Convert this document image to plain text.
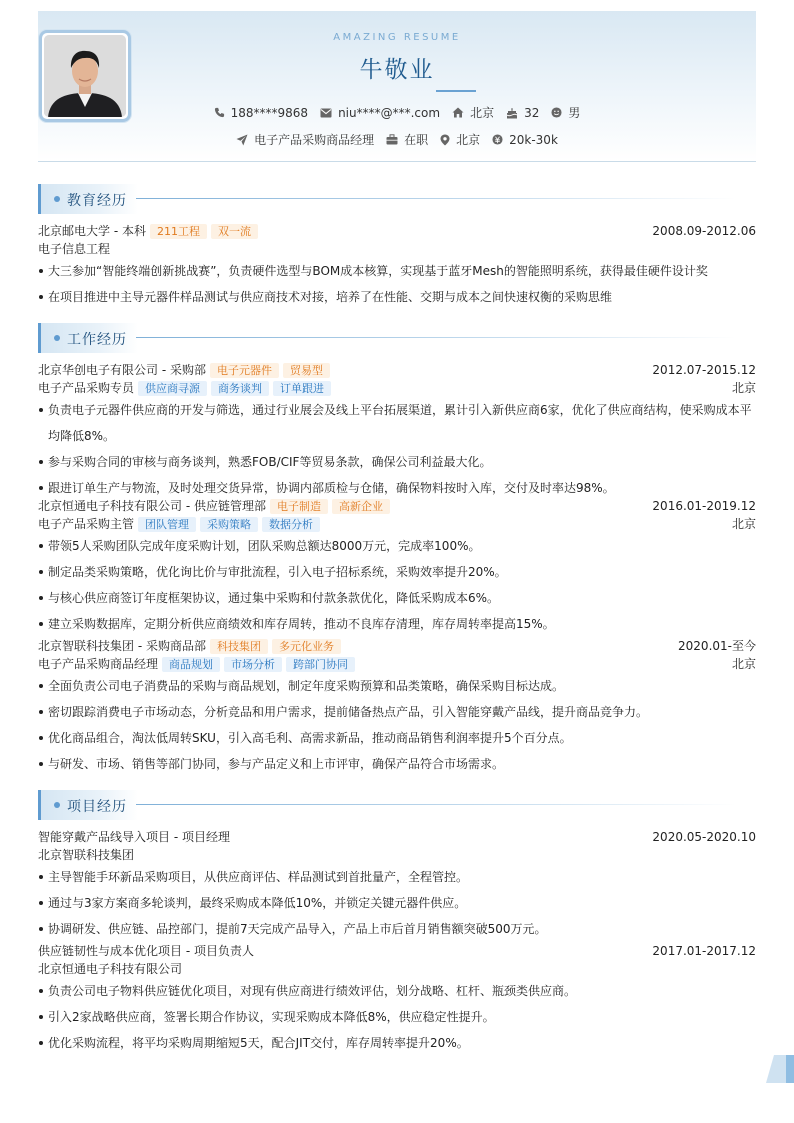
AMAZING RESUME
牛敬业
188****9868	niu****@***.com	北京	32 男
电子产品采购商品经理	在职 北京 20k-30k
教育经历
北京邮电大学 - 本科 211工程 双一流	2008.09-2012.06
电子信息工程
大三参加“智能终端创新挑战赛”，负责硬件选型与BOM成本核算，实现基于蓝牙Mesh的智能照明系统，获得最佳硬件设计奖
在项目推进中主导元器件样品测试与供应商技术对接，培养了在性能、交期与成本之间快速权衡的采购思维
工作经历
北京华创电子有限公司 - 采购部 电子元器件 贸易型	2012.07-2015.12
电子产品采购专员 供应商寻源 商务谈判 订单跟进	北京
负责电子元器件供应商的开发与筛选，通过行业展会及线上平台拓展渠道，累计引入新供应商6家，优化了供应商结构，使采购成本平
均降低8%。
参与采购合同的审核与商务谈判，熟悉FOB/CIF等贸易条款，确保公司利益最大化。
跟进订单生产与物流，及时处理交货异常，协调内部质检与仓储，确保物料按时入库，交付及时率达98%。
北京恒通电子科技有限公司 - 供应链管理部 电子制造 高新企业	2016.01-2019.12
电子产品采购主管 团队管理 采购策略 数据分析	北京
带领5人采购团队完成年度采购计划，团队采购总额达8000万元，完成率100%。
制定品类采购策略，优化询比价与审批流程，引入电子招标系统，采购效率提升20%。
与核心供应商签订年度框架协议，通过集中采购和付款条款优化，降低采购成本6%。
建立采购数据库，定期分析供应商绩效和库存周转，推动不良库存清理，库存周转率提高15%。
北京智联科技集团 - 采购商品部 科技集团 多元化业务	2020.01-至今
电子产品采购商品经理 商品规划 市场分析 跨部门协同	北京
全面负责公司电子消费品的采购与商品规划，制定年度采购预算和品类策略，确保采购目标达成。
密切跟踪消费电子市场动态，分析竞品和用户需求，提前储备热点产品，引入智能穿戴产品线，提升商品竞争力。
优化商品组合，淘汰低周转SKU，引入高毛利、高需求新品，推动商品销售利润率提升5个百分点。
与研发、市场、销售等部门协同，参与产品定义和上市评审，确保产品符合市场需求。
项目经历
智能穿戴产品线导入项目 - 项目经理	2020.05-2020.10
北京智联科技集团
主导智能手环新品采购项目，从供应商评估、样品测试到首批量产，全程管控。
通过与3家方案商多轮谈判，最终采购成本降低10%，并锁定关键元器件供应。
协调研发、供应链、品控部门，提前7天完成产品导入，产品上市后首月销售额突破500万元。
供应链韧性与成本优化项目 - 项目负责人	2017.01-2017.12
北京恒通电子科技有限公司
负责公司电子物料供应链优化项目，对现有供应商进行绩效评估，划分战略、杠杆、瓶颈类供应商。
引入2家战略供应商，签署长期合作协议，实现采购成本降低8%，供应稳定性提升。
优化采购流程，将平均采购周期缩短5天，配合JIT交付，库存周转率提升20%。
